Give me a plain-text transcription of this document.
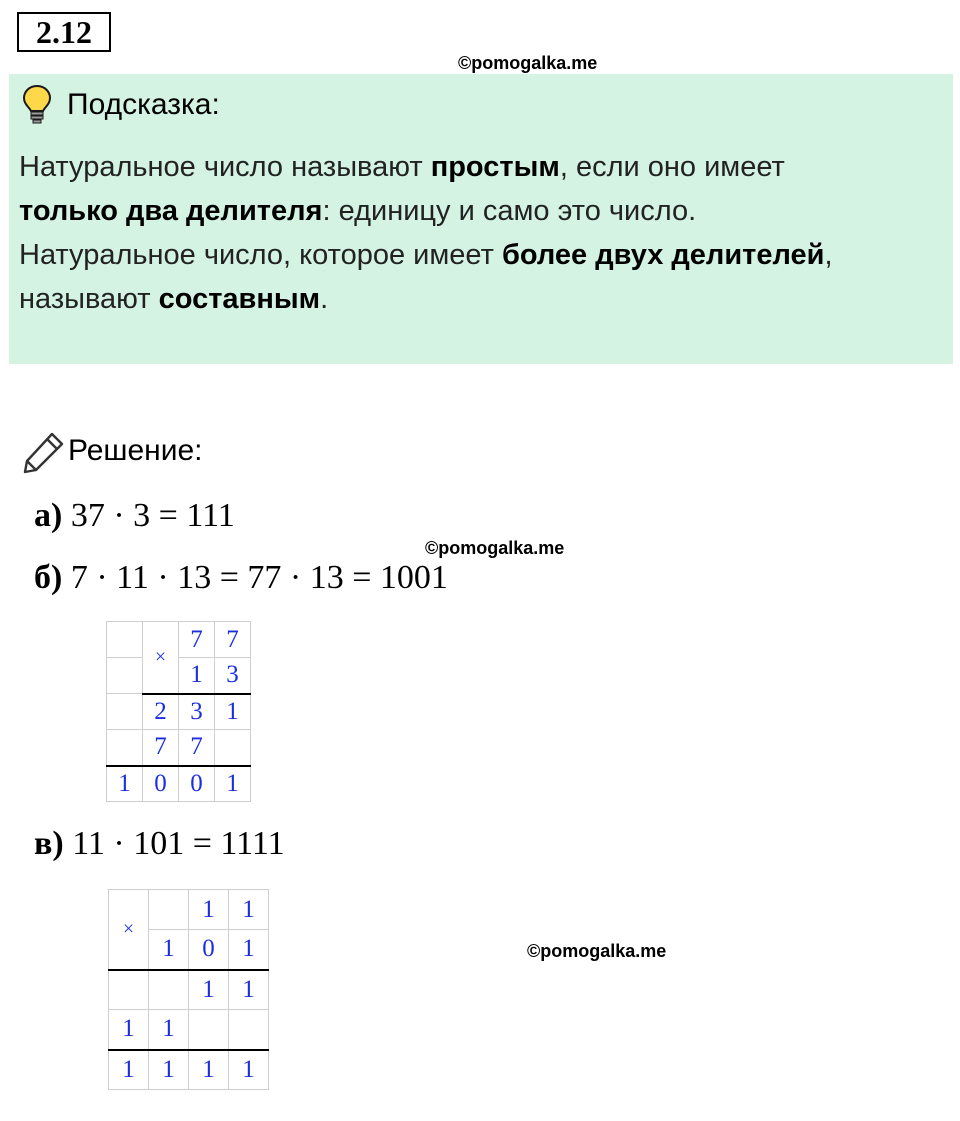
2.12
©pomogalka.me
Подсказка:
Натуральное число называют простым, если оно имеет
только два делителя: единицу и само это число.
Натуральное число, которое имеет более двух делителей,
называют составным.
Решение:
а) 37 · 3 = 111
©pomogalka.me
б) 7 · 11 · 13 = 77 · 13 = 1001
	×	7	7
		1	3
	2	3	1
	7	7	
1	0	0	1
в) 11 · 101 = 1111
×		1	1
	1	0	1
		1	1
1	1		
1	1	1	1
©pomogalka.me
